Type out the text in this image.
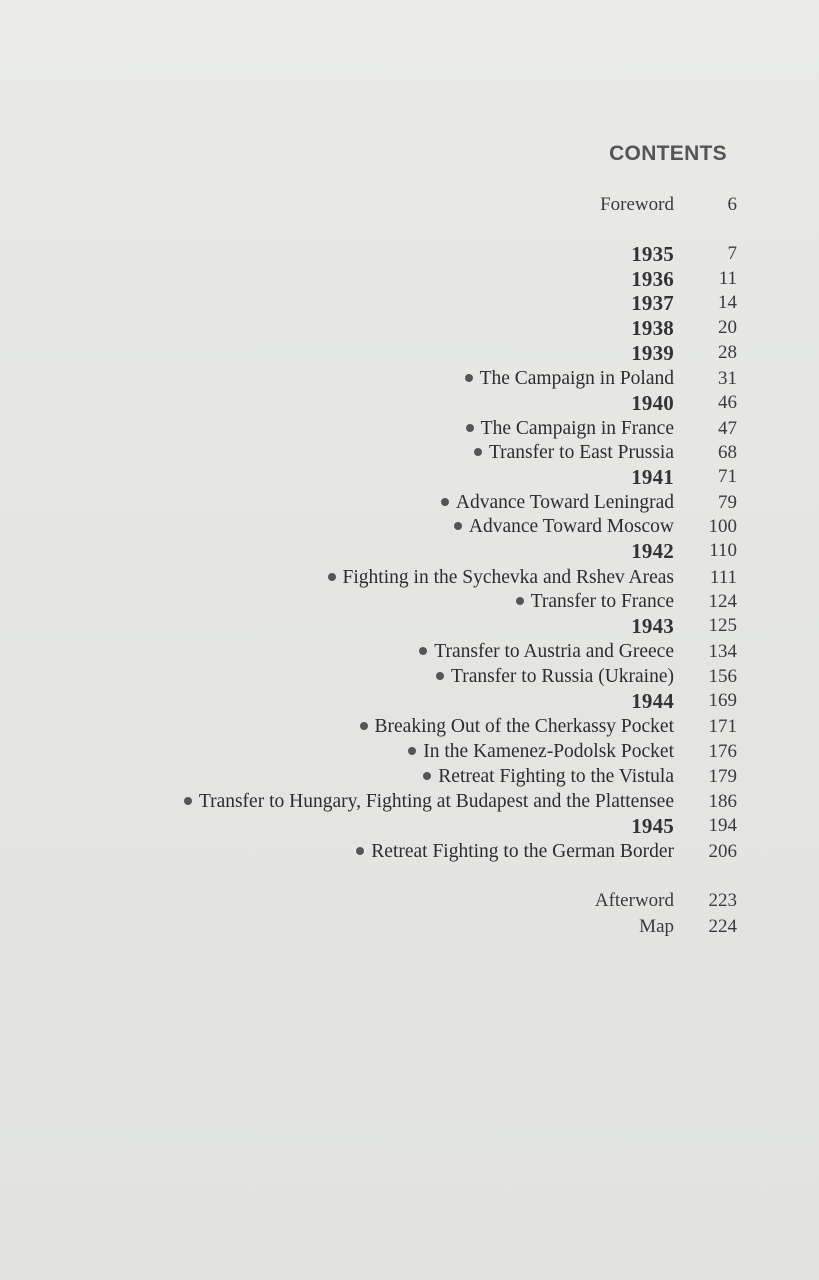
CONTENTS
Foreword	6
1935	7
1936 11
1937 14
1938 20
1939 28
The Campaign in Poland 31
1940 46
The Campaign in France 47
Transfer to East Prussia 68
1941 71
Advance Toward Leningrad 79
Advance Toward Moscow 100
1942 110
Fighting in the Sychevka and Rshev Areas 111
Transfer to France 124
1943 125
Transfer to Austria and Greece 134
Transfer to Russia (Ukraine) 156
1944 169
Breaking Out of the Cherkassy Pocket 171
In the Kamenez-Podolsk Pocket 176
Retreat Fighting to the Vistula 179
Transfer to Hungary, Fighting at Budapest and the Plattensee 186
1945 194
Retreat Fighting to the German Border 206
Afterword 223
Map 224
